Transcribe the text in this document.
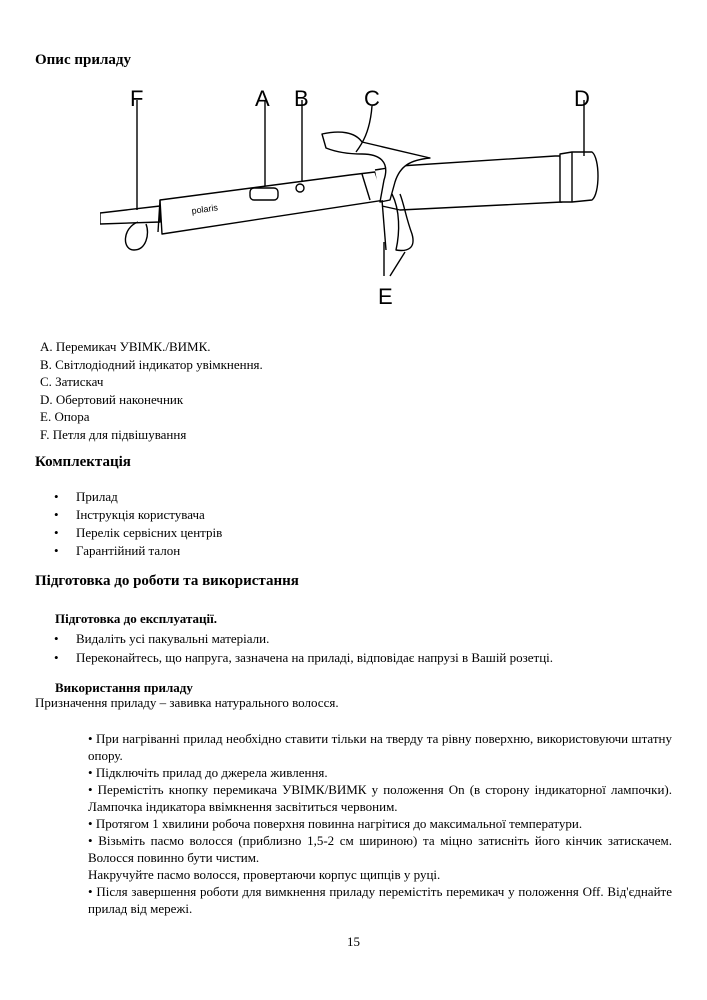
Опис приладу
polaris
F	A B	C	D
E
A. Перемикач УВІМК./ВИМК.
B. Світлодіодний індикатор увімкнення.
C. Затискач
D. Обертовий наконечник
E. Опора
F. Петля для підвішування
Комплектація
• Прилад
• Інструкція користувача
• Перелік сервісних центрів
• Гарантійний талон
Підготовка до роботи та використання
Підготовка до експлуатації.
• Видаліть усі пакувальні матеріали.
• Переконайтесь, що напруга, зазначена на приладі, відповідає напрузі в Вашій розетці.
Використання приладу
Призначення приладу – завивка натурального волосся.

• При нагріванні прилад необхідно ставити тільки на тверду та рівну поверхню, використовуючи штатну опору.

• Підключіть прилад до джерела живлення.

• Перемістіть кнопку перемикача УВІМК/ВИМК у положення On (в сторону індикаторної лампочки). Лампочка індикатора ввімкнення засвітиться червоним.

• Протягом 1 хвилини робоча поверхня повинна нагрітися до максимальної температури.

• Візьміть пасмо волосся (приблизно 1,5-2 см шириною) та міцно затисніть його кінчик затискачем. Волосся повинно бути чистим.

Накручуйте пасмо волосся, провертаючи корпус щипців у руці.

• Після завершення роботи для вимкнення приладу перемістіть перемикач у положення Off. Від'єднайте прилад від мережі.

15
